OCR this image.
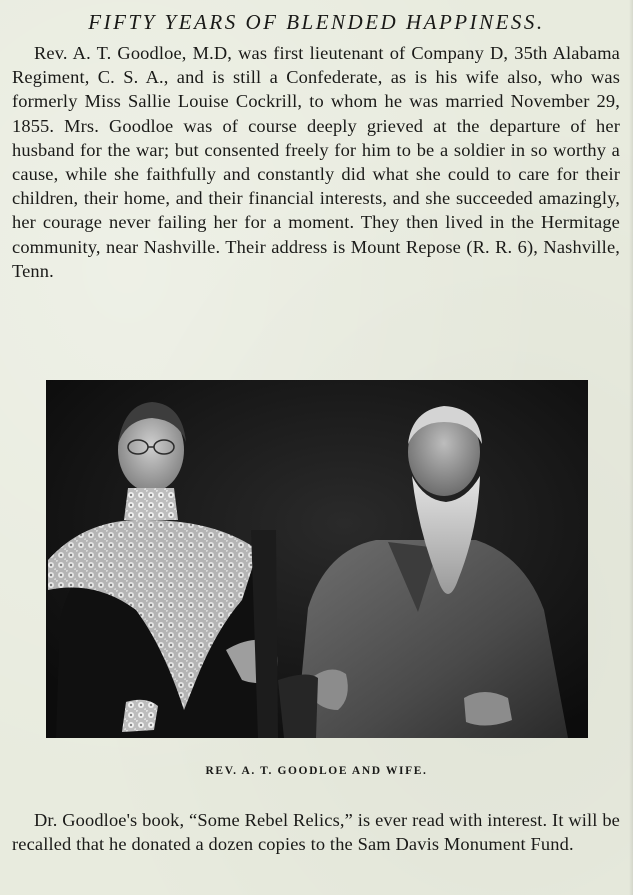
FIFTY YEARS OF BLENDED HAPPINESS.

Rev. A. T. Goodloe, M.D, was first lieutenant of Company D, 35th Alabama Regiment, C. S. A., and is still a Confederate, as is his wife also, who was formerly Miss Sallie Louise Cockrill, to whom he was married November 29, 1855. Mrs. Goodloe was of course deeply grieved at the departure of her husband for the war; but consented freely for him to be a soldier in so worthy a cause, while she faithfully and constantly did what she could to care for their children, their home, and their financial interests, and she succeeded amazingly, her courage never failing her for a moment. They then lived in the Hermitage community, near Nashville. Their address is Mount Repose (R. R. 6), Nashville, Tenn.

REV. A. T. GOODLOE AND WIFE.

Dr. Goodloe's book, “Some Rebel Relics,” is ever read with interest. It will be recalled that he donated a dozen copies to the Sam Davis Monument Fund.
